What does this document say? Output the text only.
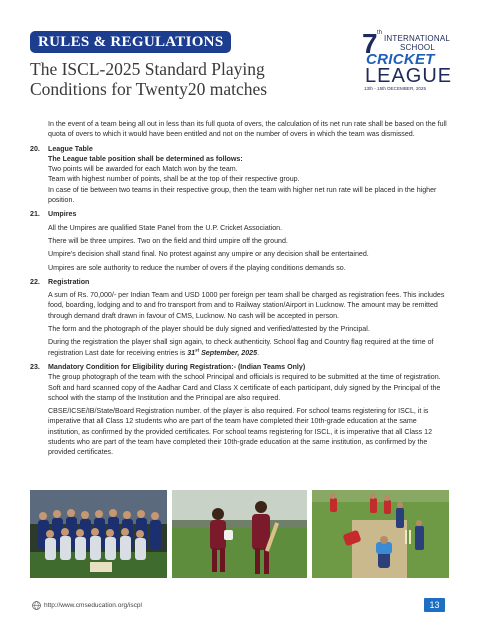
RULES & REGULATIONS
The ISCL-2025 Standard Playing
Conditions for Twenty20 matches
7 th
INTERNATIONAL
SCHOOL
CRICKET
LEAGUE
13th - 15th DECEMBER, 2025

In the event of a team being all out in less than its full quota of overs, the calculation of its net run rate shall be based on the full quota of overs to which it would have been entitled and not on the number of overs in which the team was dismissed.

20. League Table
The League table position shall be determined as follows:
Two points will be awarded for each Match won by the team.
Team with highest number of points, shall be at the top of their respective group.
In case of tie between two teams in their respective group, then the team with higher net run rate will be placed in the higher position.
21. Umpires
All the Umpires are qualified State Panel from the U.P. Cricket Association.
There will be three umpires. Two on the field and third umpire off the ground.
Umpire's decision shall stand final. No protest against any umpire or any decision shall be entertained.
Umpires are sole authority to reduce the number of overs if the playing conditions demands so.
22. Registration
A sum of Rs. 70,000/- per Indian Team and USD 1000 per foreign per team shall be charged as registration fees. This includes food, boarding, lodging and to and fro transport from and to Railway station/Airport in Lucknow. The amount may be remitted through demand draft drawn in favour of CMS, Lucknow. No cash will be accepted in person.
The form and the photograph of the player should be duly signed and verified/attested by the Principal.
During the registration the player shall sign again, to check authenticity. School flag and Country flag required at the time of registration Last date for receiving entries is 31st September, 2025.
23. Mandatory Condition for Eligibility during Registration:- (Indian Teams Only)
The group photograph of the team with the school Principal and officials is required to be submitted at the time of registration. Soft and hard scanned copy of the Aadhar Card and Class X certificate of each participant, duly signed by the Principal of the school with the stamp of the Institution and the Principal are also required.
CBSE/ICSE/IB/State/Board Registration number. of the player is also required. For school teams registering for ISCL, it is imperative that all Class 12 students who are part of the team have completed their 10th-grade education at the same institution, as confirmed by the provided certificates. For school teams registering for ISCL, it is imperative that all Class 12 students who are part of the team have completed their 10th-grade education at the same institution, as confirmed by the provided certificates.
http://www.cmseducation.org/iscpl	13
